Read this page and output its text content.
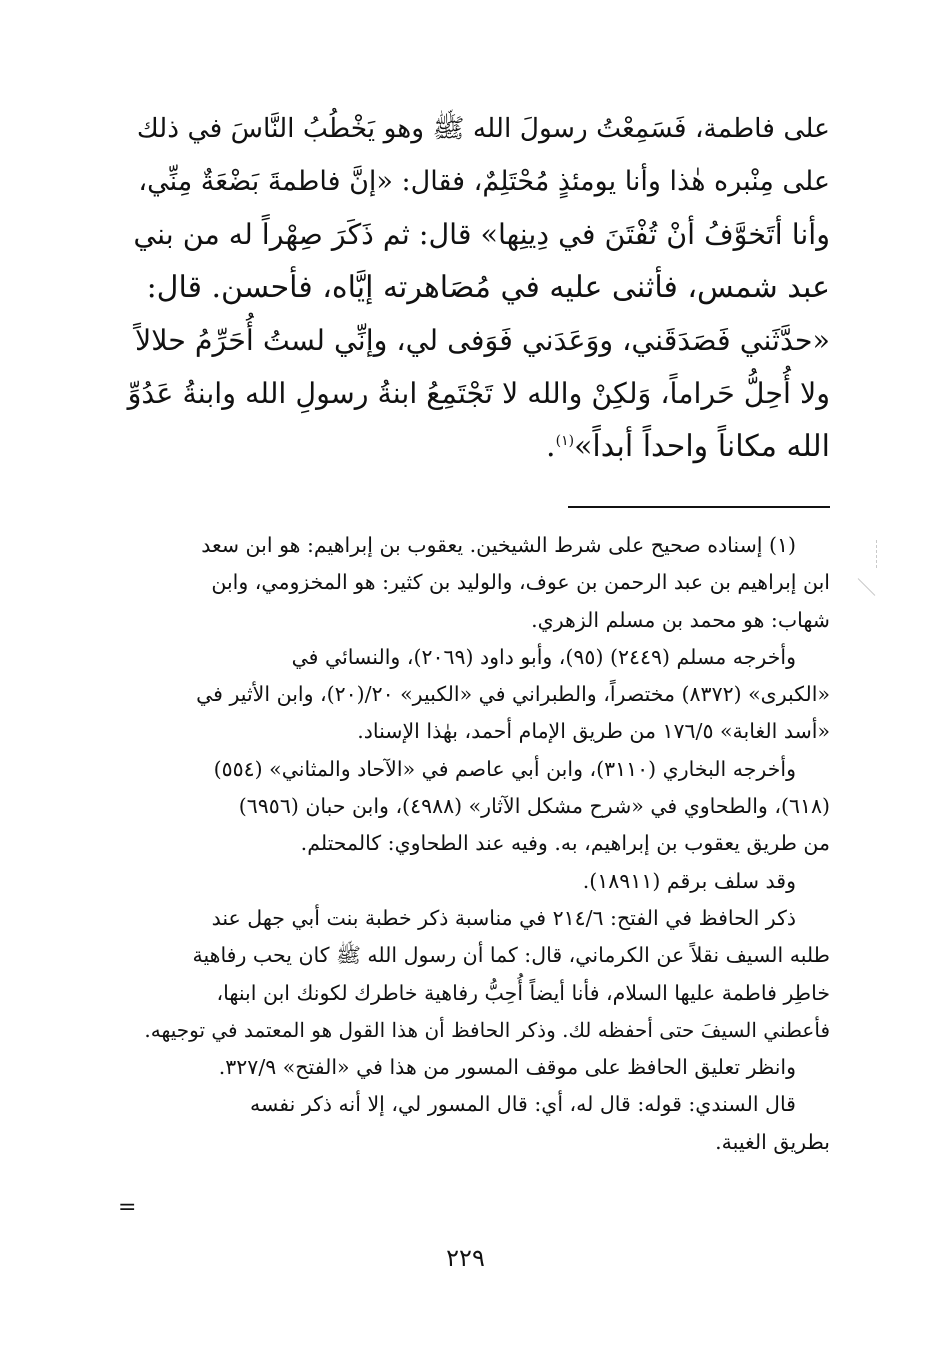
على فاطمة، فَسَمِعْتُ رسولَ الله ﷺ وهو يَخْطُبُ النَّاسَ في ذلك
على مِنْبره هٰذا وأنا يومئذٍ مُحْتَلِمٌ، فقال: «إنَّ فاطمةَ بَضْعَةٌ مِنِّي،
وأنا أتَخوَّفُ أنْ تُفْتَنَ في دِينِها» قال: ثم ذَكَرَ صِهْراً له من بني
عبد شمس، فأثنى عليه في مُصَاهرته إيَّاه، فأحسن. قال:
«حدَّثَني فَصَدَقَني، ووَعَدَني فَوَفى لي، وإنِّي لستُ أُحَرِّمُ حلالاً
ولا أُحِلُّ حَراماً، وَلكِنْ والله لا تَجْتَمِعُ ابنةُ رسولِ الله وابنةُ عَدُوِّ
الله مكاناً واحداً أبداً»$^{(١)}$.
(١) إسناده صحيح على شرط الشيخين. يعقوب بن إبراهيم: هو ابن سعد
ابن إبراهيم بن عبد الرحمن بن عوف، والوليد بن كثير: هو المخزومي، وابن
شهاب: هو محمد بن مسلم الزهري.
وأخرجه مسلم (٢٤٤٩) (٩٥)، وأبو داود (٢٠٦٩)، والنسائي في
«الكبرى» (٨٣٧٢) مختصراً، والطبراني في «الكبير» ٢٠/(٢٠)، وابن الأثير في
«أسد الغابة» ١٧٦/٥ من طريق الإمام أحمد، بهٰذا الإسناد.
وأخرجه البخاري (٣١١٠)، وابن أبي عاصم في «الآحاد والمثاني» (٥٥٤)
(٦١٨)، والطحاوي في «شرح مشكل الآثار» (٤٩٨٨)، وابن حبان (٦٩٥٦)
من طريق يعقوب بن إبراهيم، به. وفيه عند الطحاوي: كالمحتلم.
وقد سلف برقم (١٨٩١١).
ذكر الحافظ في الفتح: ٢١٤/٦ في مناسبة ذكر خطبة بنت أبي جهل عند
طلبه السيف نقلاً عن الكرماني، قال: كما أن رسول الله ﷺ كان يحب رفاهية
خاطِر فاطمة عليها السلام، فأنا أيضاً أُحِبُّ رفاهية خاطرك لكونك ابن ابنها،
فأعطني السيفَ حتى أحفظه لك. وذكر الحافظ أن هذا القول هو المعتمد في توجيهه.
وانظر تعليق الحافظ على موقف المسور من هذا في «الفتح» ٣٢٧/٩.
قال السندي: قوله: قال له، أي: قال المسور لي، إلا أنه ذكر نفسه
بطريق الغيبة.
=
٢٢٩
